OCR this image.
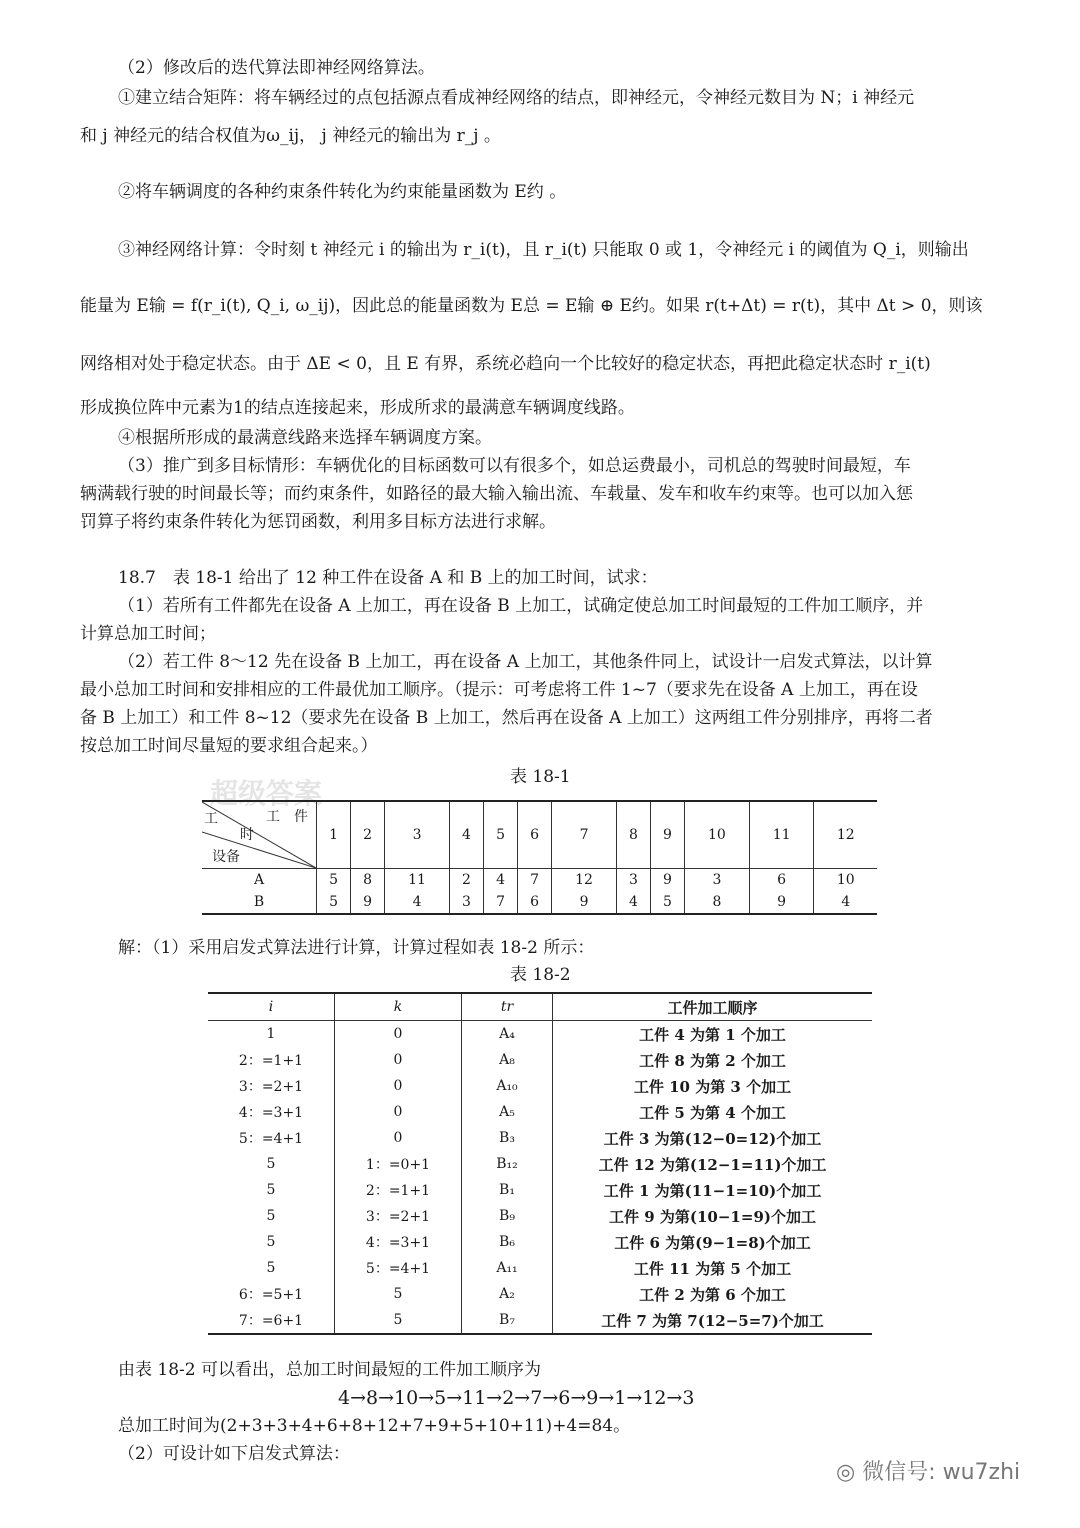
（2）修改后的迭代算法即神经网络算法。
①建立结合矩阵：将车辆经过的点包括源点看成神经网络的结点，即神经元，令神经元数目为 N；i 神经元
和 j 神经元的结合权值为ω_ij， j 神经元的输出为 r_j 。
②将车辆调度的各种约束条件转化为约束能量函数为 E约 。
③神经网络计算：令时刻 t 神经元 i 的输出为 r_i(t)，且 r_i(t) 只能取 0 或 1，令神经元 i 的阈值为 Q_i，则输出
能量为 E输 = f(r_i(t), Q_i, ω_ij)，因此总的能量函数为 E总 = E输 ⊕ E约。如果 r(t+Δt) = r(t)，其中 Δt > 0，则该
网络相对处于稳定状态。由于 ΔE < 0，且 E 有界，系统必趋向一个比较好的稳定状态，再把此稳定状态时 r_i(t)
形成换位阵中元素为1的结点连接起来，形成所求的最满意车辆调度线路。
④根据所形成的最满意线路来选择车辆调度方案。
（3）推广到多目标情形：车辆优化的目标函数可以有很多个，如总运费最小，司机总的驾驶时间最短，车
辆满载行驶的时间最长等；而约束条件，如路径的最大输入输出流、车载量、发车和收车约束等。也可以加入惩
罚算子将约束条件转化为惩罚函数，利用多目标方法进行求解。
18.7　表 18-1 给出了 12 种工件在设备 A 和 B 上的加工时间，试求：
（1）若所有工件都先在设备 A 上加工，再在设备 B 上加工，试确定使总加工时间最短的工件加工顺序，并
计算总加工时间；
（2）若工件 8～12 先在设备 B 上加工，再在设备 A 上加工，其他条件同上，试设计一启发式算法，以计算
最小总加工时间和安排相应的工件最优加工顺序。（提示：可考虑将工件 1~7（要求先在设备 A 上加工，再在设
备 B 上加工）和工件 8~12（要求先在设备 B 上加工，然后再在设备 A 上加工）这两组工件分别排序，再将二者
按总加工时间尽量短的要求组合起来。）
表 18-1
超级答案
工 工　件
时
设备	1	2	3	4	5	6	7	8	9	10	11	12
A	5	8	11	2	4	7	12	3	9	3	6	10
B	5	9	4	3	7	6	9	4	5	8	9	4
解：（1）采用启发式算法进行计算，计算过程如表 18-2 所示：
表 18-2
i	k	tr	工件加工顺序
1	0	A₄	工件 4 为第 1 个加工
2：=1+1	0	A₈	工件 8 为第 2 个加工
3：=2+1	0	A₁₀	工件 10 为第 3 个加工
4：=3+1	0	A₅	工件 5 为第 4 个加工
5：=4+1	0	B₃	工件 3 为第(12−0=12)个加工
5	1：=0+1	B₁₂	工件 12 为第(12−1=11)个加工
5	2：=1+1	B₁	工件 1 为第(11−1=10)个加工
5	3：=2+1	B₉	工件 9 为第(10−1=9)个加工
5	4：=3+1	B₆	工件 6 为第(9−1=8)个加工
5	5：=4+1	A₁₁	工件 11 为第 5 个加工
6：=5+1	5	A₂	工件 2 为第 6 个加工
7：=6+1	5	B₇	工件 7 为第 7(12−5=7)个加工
由表 18-2 可以看出，总加工时间最短的工件加工顺序为
4→8→10→5→11→2→7→6→9→1→12→3
总加工时间为(2+3+3+4+6+8+12+7+9+5+10+11)+4=84。
（2）可设计如下启发式算法：
◎ 微信号: wu7zhi
